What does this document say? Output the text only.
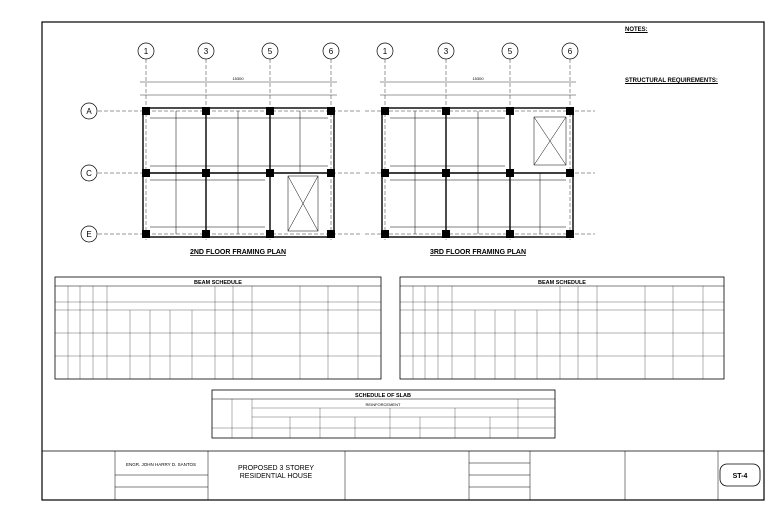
1	3	5	6
15300
A
C
E
2ND FLOOR FRAMING PLAN
1	3	5	6
15300
3RD FLOOR FRAMING PLAN
BEAM SCHEDULE	BEAM SCHEDULE
SCHEDULE OF SLAB
REINFORCEMENT
ENGR. JOHN HARRY D. SANTOS
PROPOSED 3 STOREY
RESIDENTIAL HOUSE	ST-4
NOTES:
STRUCTURAL REQUIREMENTS:
